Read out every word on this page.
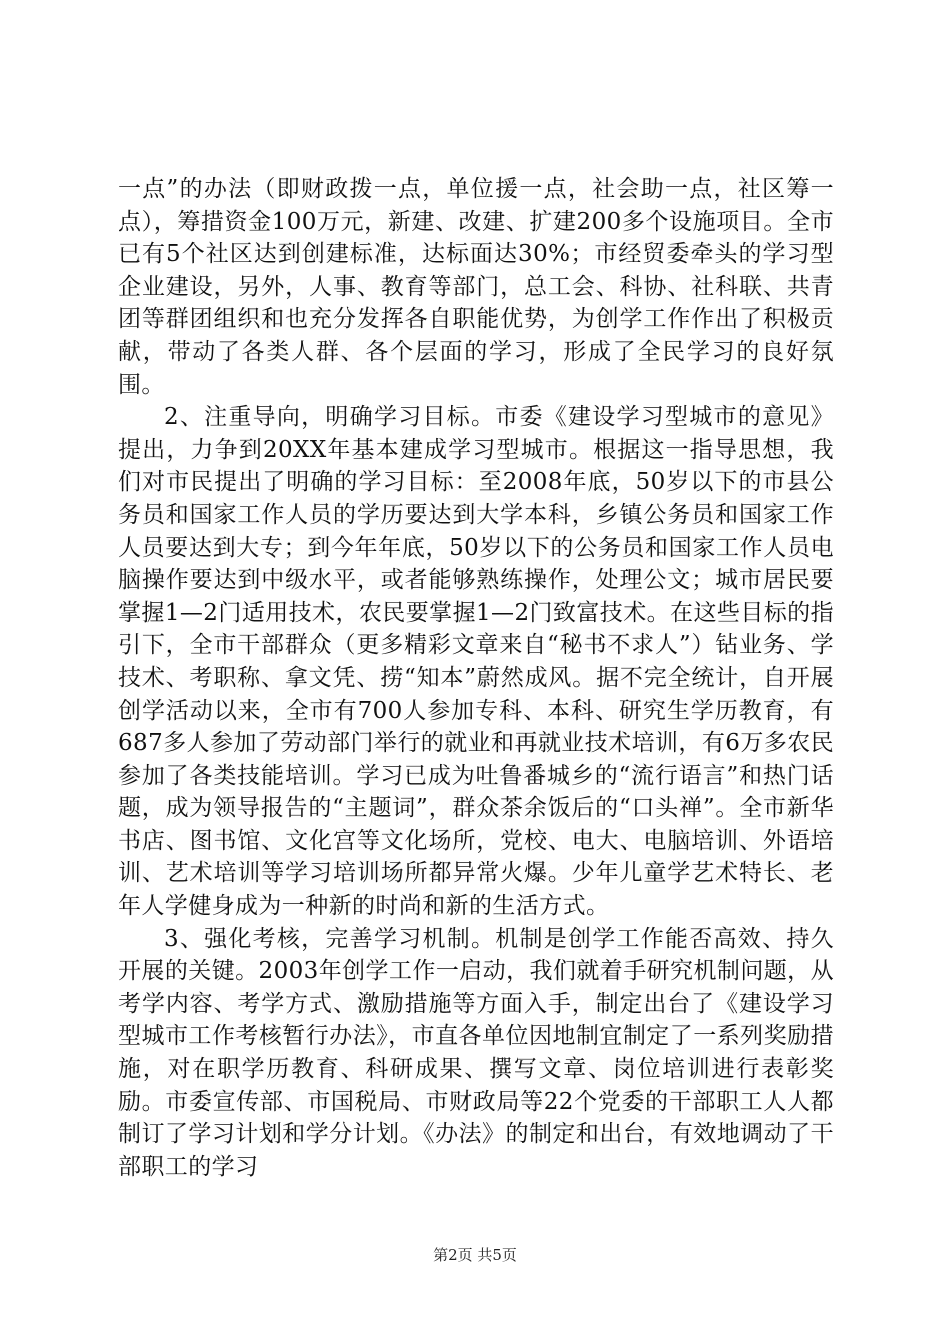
一点”的办法（即财政拨一点，单位援一点，社会助一点，社区筹一点），筹措资金100万元，新建、改建、扩建200多个设施项目。全市已有5个社区达到创建标准，达标面达30%；市经贸委牵头的学习型企业建设，另外，人事、教育等部门，总工会、科协、社科联、共青团等群团组织和也充分发挥各自职能优势，为创学工作作出了积极贡献，带动了各类人群、各个层面的学习，形成了全民学习的良好氛围。

2、注重导向，明确学习目标。市委《建设学习型城市的意见》提出，力争到20XX年基本建成学习型城市。根据这一指导思想，我们对市民提出了明确的学习目标：至2008年底，50岁以下的市县公务员和国家工作人员的学历要达到大学本科，乡镇公务员和国家工作人员要达到大专；到今年年底，50岁以下的公务员和国家工作人员电脑操作要达到中级水平，或者能够熟练操作，处理公文；城市居民要掌握1—2门适用技术，农民要掌握1—2门致富技术。在这些目标的指引下，全市干部群众（更多精彩文章来自“秘书不求人”）钻业务、学技术、考职称、拿文凭、捞“知本”蔚然成风。据不完全统计，自开展创学活动以来，全市有700人参加专科、本科、研究生学历教育，有687多人参加了劳动部门举行的就业和再就业技术培训，有6万多农民参加了各类技能培训。学习已成为吐鲁番城乡的“流行语言”和热门话题，成为领导报告的“主题词”，群众茶余饭后的“口头禅”。全市新华书店、图书馆、文化宫等文化场所，党校、电大、电脑培训、外语培训、艺术培训等学习培训场所都异常火爆。少年儿童学艺术特长、老年人学健身成为一种新的时尚和新的生活方式。

3、强化考核，完善学习机制。机制是创学工作能否高效、持久开展的关键。2003年创学工作一启动，我们就着手研究机制问题，从考学内容、考学方式、激励措施等方面入手，制定出台了《建设学习型城市工作考核暂行办法》，市直各单位因地制宜制定了一系列奖励措施，对在职学历教育、科研成果、撰写文章、岗位培训进行表彰奖励。市委宣传部、市国税局、市财政局等22个党委的干部职工人人都制订了学习计划和学分计划。《办法》的制定和出台，有效地调动了干部职工的学习

第2页 共5页
